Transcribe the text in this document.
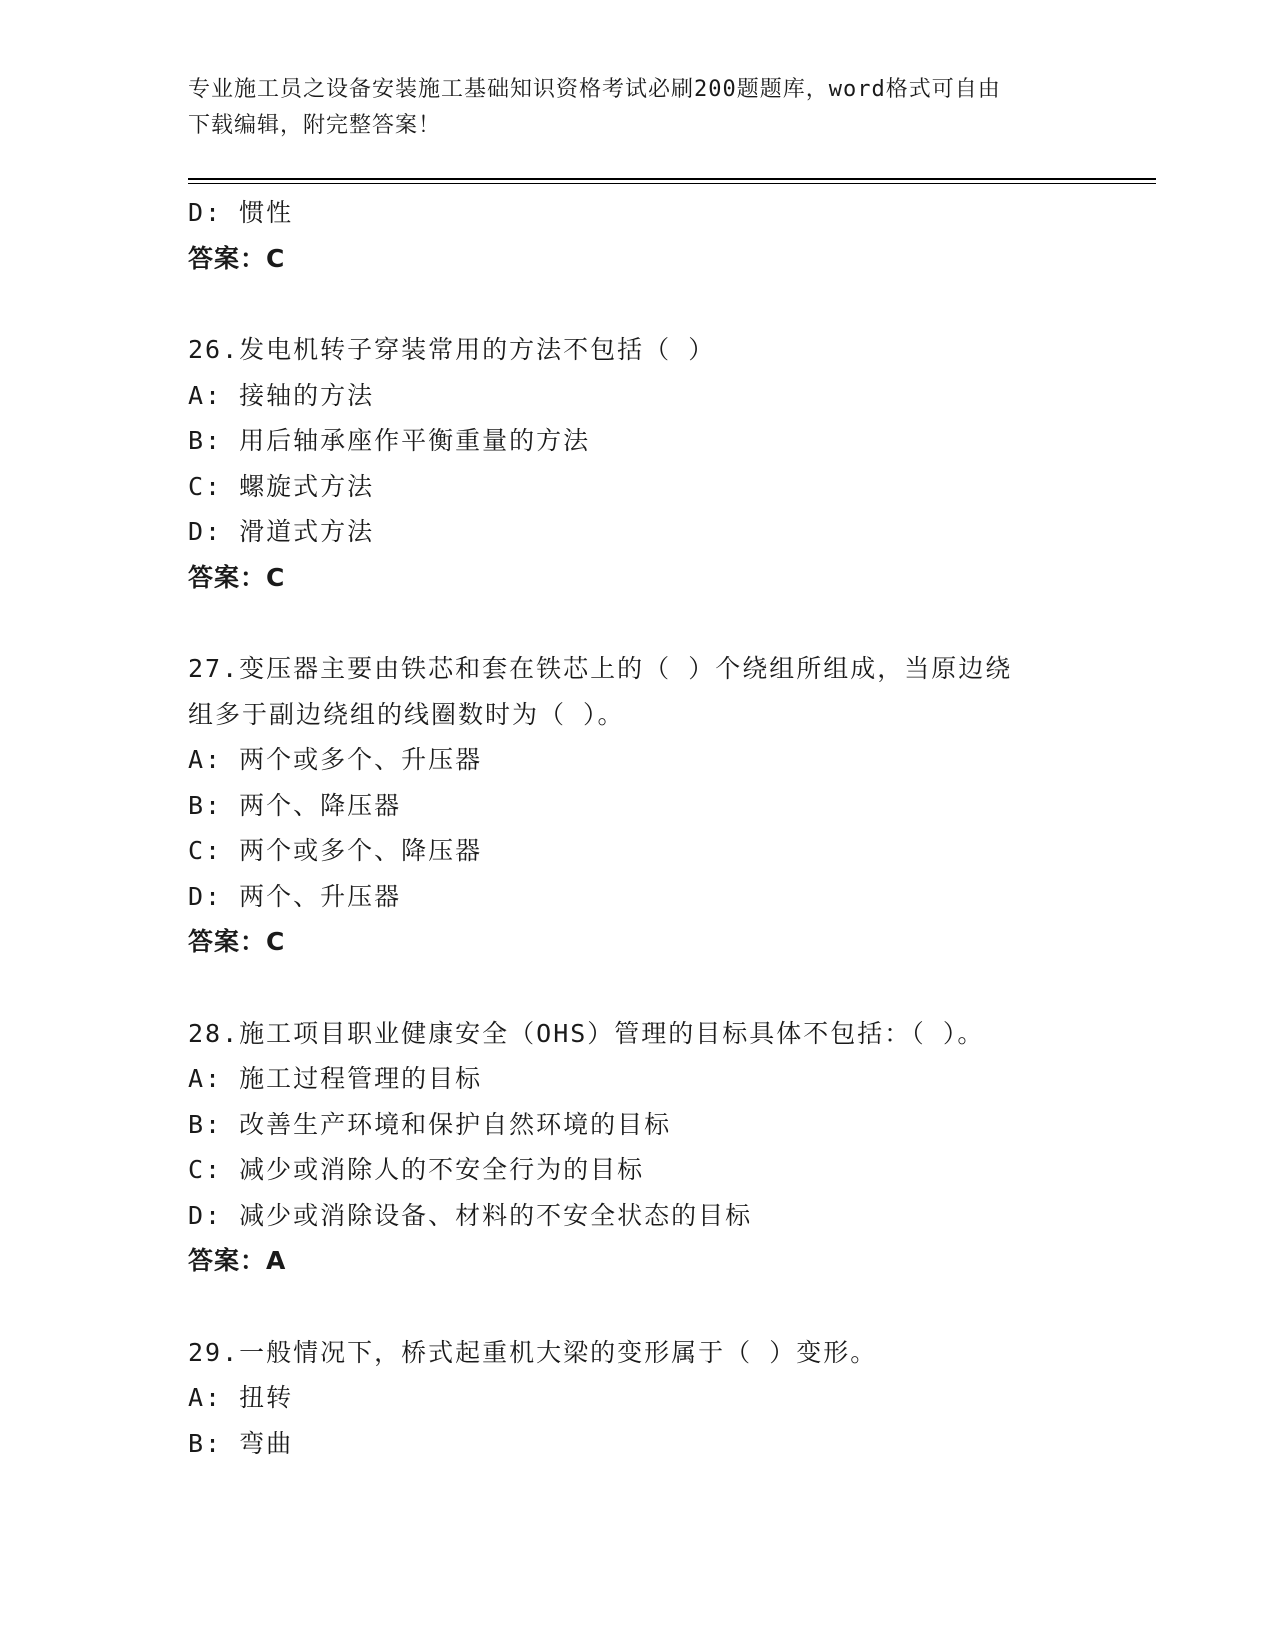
专业施工员之设备安装施工基础知识资格考试必刷200题题库，word格式可自由
下载编辑，附完整答案！
D: 惯性
答案：C
26.发电机转子穿装常用的方法不包括（ ）
A: 接轴的方法
B: 用后轴承座作平衡重量的方法
C: 螺旋式方法
D: 滑道式方法
答案：C
27.变压器主要由铁芯和套在铁芯上的（ ）个绕组所组成，当原边绕
组多于副边绕组的线圈数时为（ ）。
A: 两个或多个、升压器
B: 两个、降压器
C: 两个或多个、降压器
D: 两个、升压器
答案：C
28.施工项目职业健康安全（OHS）管理的目标具体不包括：（ ）。
A: 施工过程管理的目标
B: 改善生产环境和保护自然环境的目标
C: 减少或消除人的不安全行为的目标
D: 减少或消除设备、材料的不安全状态的目标
答案：A
29.一般情况下，桥式起重机大梁的变形属于（ ）变形。
A: 扭转
B: 弯曲
